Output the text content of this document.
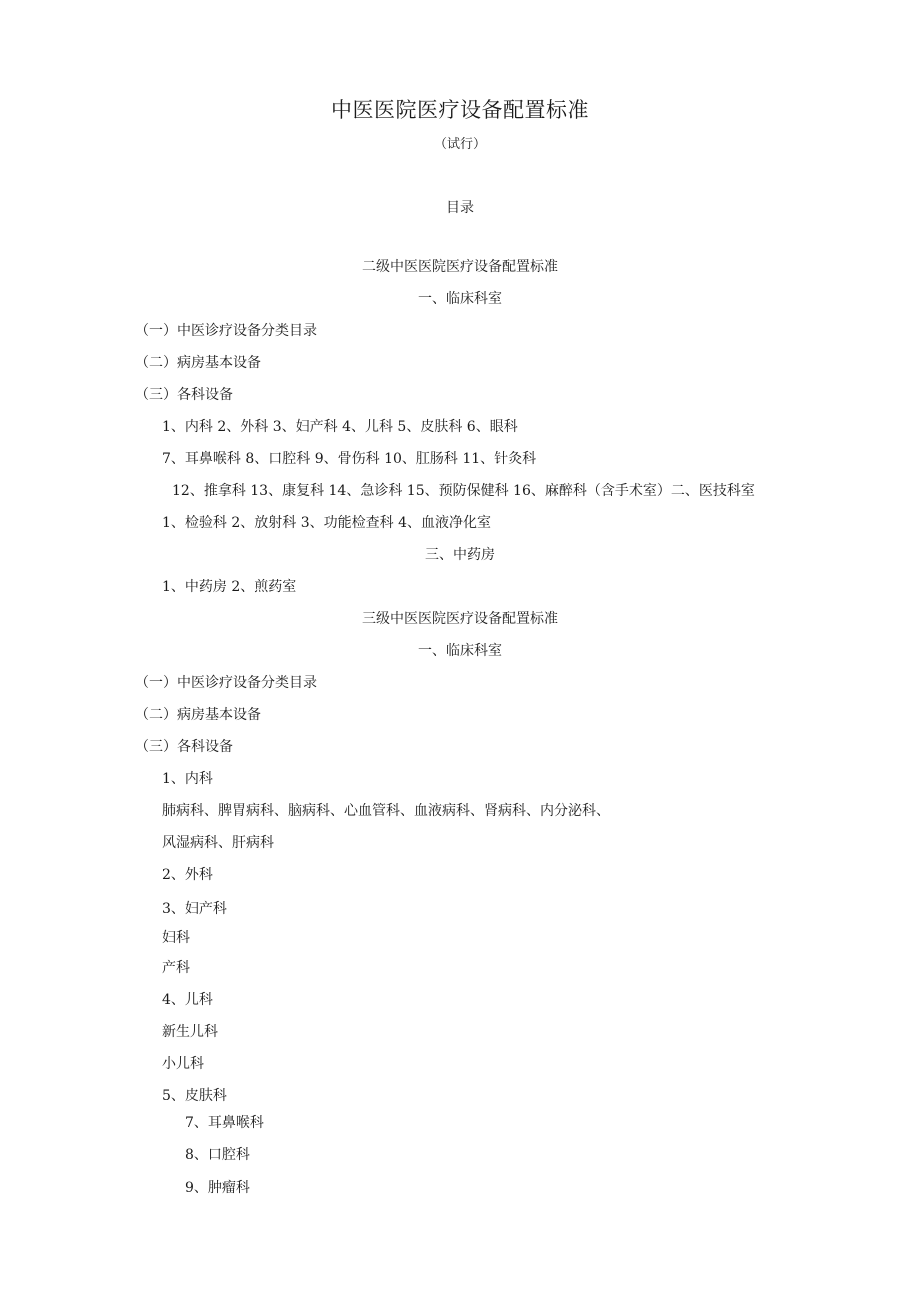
中医医院医疗设备配置标准
（试行）
目录
二级中医医院医疗设备配置标准
一、临床科室
（一）中医诊疗设备分类目录
（二）病房基本设备
（三）各科设备
1、内科 2、外科 3、妇产科 4、儿科 5、皮肤科 6、眼科
7、耳鼻喉科 8、口腔科 9、骨伤科 10、肛肠科 11、针灸科
12、推拿科 13、康复科 14、急诊科 15、预防保健科 16、麻醉科（含手术室）二、医技科室
1、检验科 2、放射科 3、功能检查科 4、血液净化室
三、中药房
1、中药房 2、煎药室
三级中医医院医疗设备配置标准
一、临床科室
（一）中医诊疗设备分类目录
（二）病房基本设备
（三）各科设备
1、内科
肺病科、脾胃病科、脑病科、心血管科、血液病科、肾病科、内分泌科、
风湿病科、肝病科
2、外科
3、妇产科
妇科
产科
4、儿科
新生儿科
小儿科
5、皮肤科
7、耳鼻喉科
8、口腔科
9、肿瘤科
